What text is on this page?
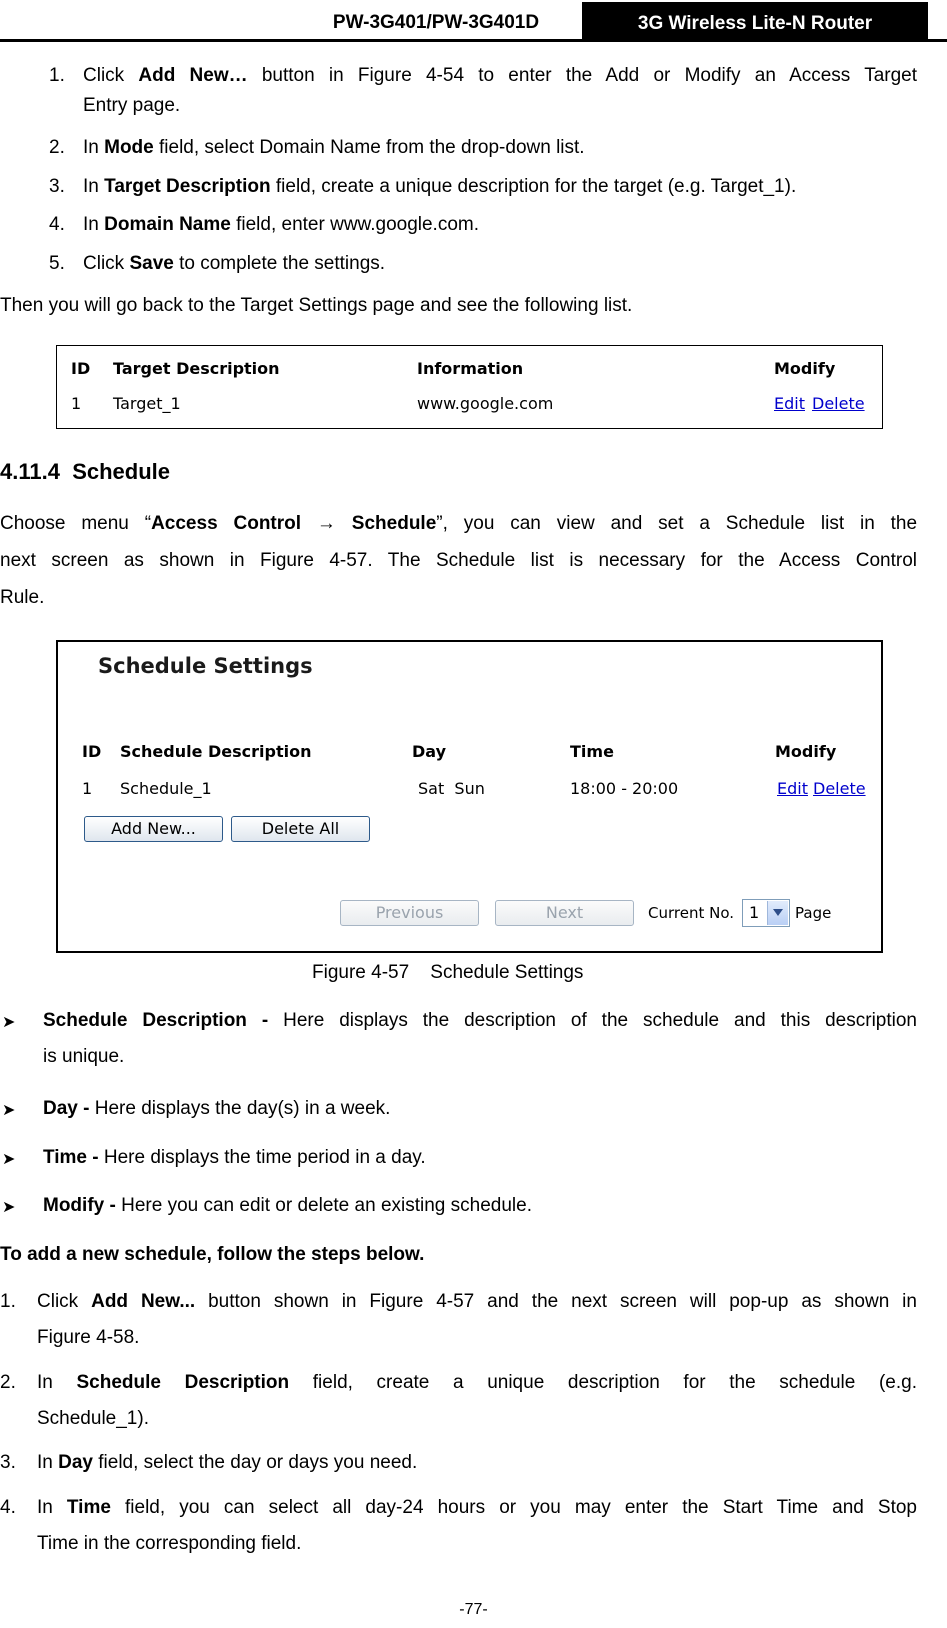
PW-3G401/PW-3G401D	3G Wireless Lite-N Router
1. Click Add New… button in Figure 4-54 to enter the Add or Modify an Access Target
Entry page.
2. In Mode field, select Domain Name from the drop-down list.
3. In Target Description field, create a unique description for the target (e.g. Target_1).
4. In Domain Name field, enter www.google.com.
5. Click Save to complete the settings.
Then you will go back to the Target Settings page and see the following list.
ID Target Description	Information	Modify
1 Target_1	www.google.com	Edit Delete
4.11.4 Schedule
Choose menu “Access Control → Schedule”, you can view and set a Schedule list in the
next screen as shown in Figure 4-57. The Schedule list is necessary for the Access Control
Rule.
Schedule Settings
ID Schedule Description	Day	Time	Modify
1 Schedule_1	Sat  Sun	18:00 - 20:00	Edit Delete
Add New...	Delete All
Previous	Next	Current No. 1 Page
Figure 4-57    Schedule Settings
➤ Schedule Description - Here displays the description of the schedule and this description
is unique.
➤ Day - Here displays the day(s) in a week.
➤ Time - Here displays the time period in a day.
➤ Modify - Here you can edit or delete an existing schedule.
To add a new schedule, follow the steps below.
1. Click Add New... button shown in Figure 4-57 and the next screen will pop-up as shown in
Figure 4-58.
2. In Schedule Description field, create a unique description for the schedule (e.g.
Schedule_1).
3. In Day field, select the day or days you need.
4. In Time field, you can select all day-24 hours or you may enter the Start Time and Stop
Time in the corresponding field.
-77-
